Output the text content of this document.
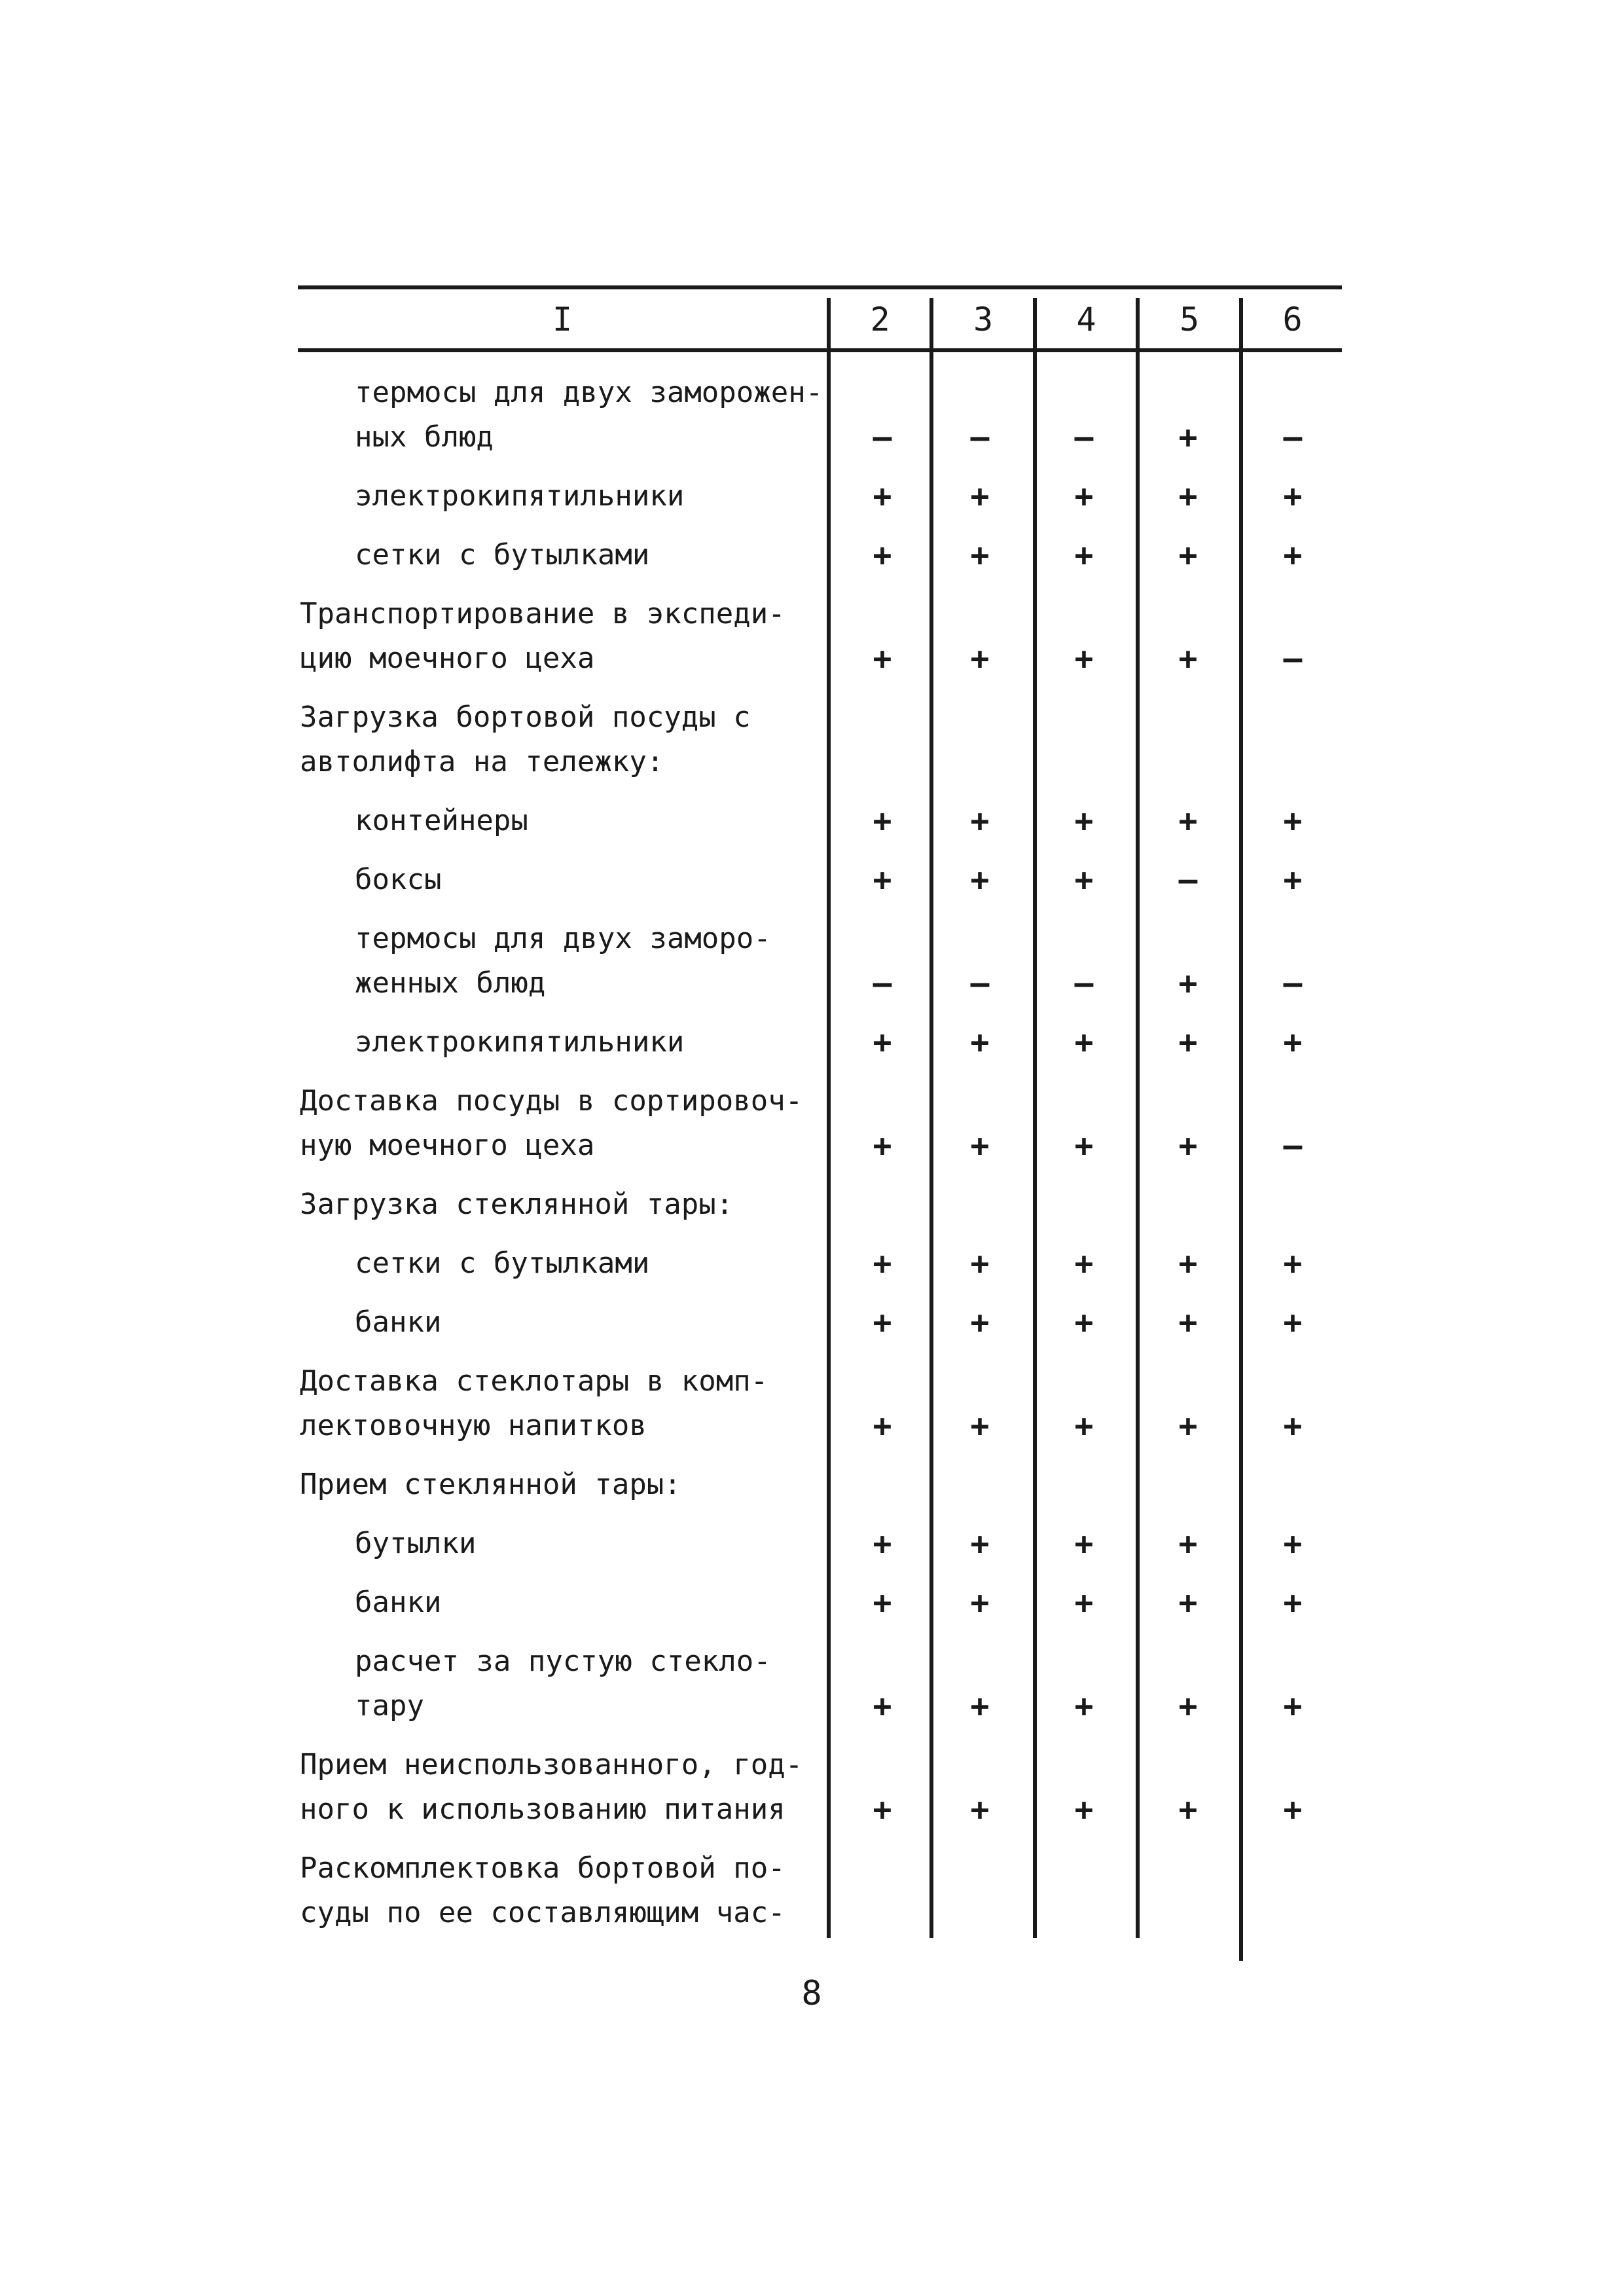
I	2	3	4	5	6
термосы для двух заморожен-
ных блюд	–	–	–	+	–
электрокипятильники	+	+	+	+	+
сетки с бутылками	+	+	+	+	+
Транспортирование в экспеди-
цию моечного цеха	+	+	+	+	–
Загрузка бортовой посуды с
автолифта на тележку:
контейнеры	+	+	+	+	+
боксы	+	+	+	–	+
термосы для двух заморо-
женных блюд	–	–	–	+	–
электрокипятильники	+	+	+	+	+
Доставка посуды в сортировоч-
ную моечного цеха	+	+	+	+	–
Загрузка стеклянной тары:
сетки с бутылками	+	+	+	+	+
банки	+	+	+	+	+
Доставка стеклотары в комп-
лектовочную напитков	+	+	+	+	+
Прием стеклянной тары:
бутылки	+	+	+	+	+
банки	+	+	+	+	+
расчет за пустую стекло-
тару	+	+	+	+	+
Прием неиспользованного, год-
ного к использованию питания	+	+	+	+	+
Раскомплектовка бортовой по-
суды по ее составляющим час-
8
